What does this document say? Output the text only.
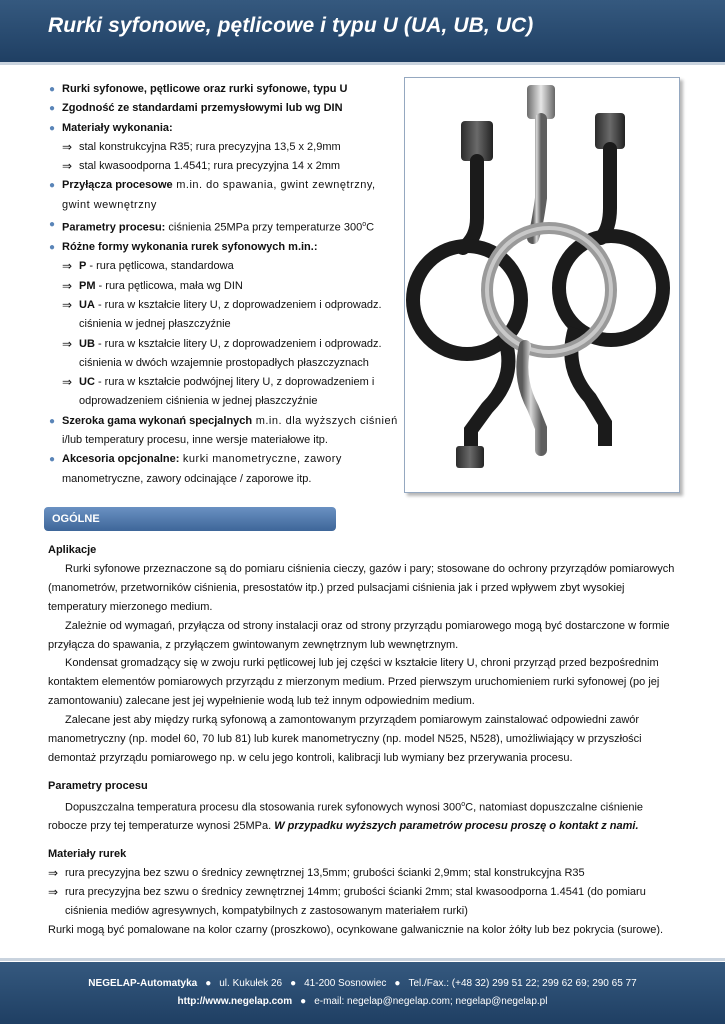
Rurki syfonowe, pętlicowe i typu U (UA, UB, UC)
● Rurki syfonowe, pętlicowe oraz rurki syfonowe, typu U
● Zgodność ze standardami przemysłowymi lub wg DIN
● Materiały wykonania:
⇒ stal konstrukcyjna R35; rura precyzyjna 13,5 x 2,9mm
⇒ stal kwasoodporna 1.4541; rura precyzyjna 14 x 2mm
● Przyłącza procesowe m.in. do spawania, gwint zewnętrzny,
gwint wewnętrzny
● Parametry procesu: ciśnienia 25MPa przy temperaturze 300$^o$C
● Różne formy wykonania rurek syfonowych m.in.:
⇒ P - rura pętlicowa, standardowa
⇒ PM - rura pętlicowa, mała wg DIN
⇒ UA - rura w kształcie litery U, z doprowadzeniem i odprowadz.
ciśnienia w jednej płaszczyźnie
⇒ UB - rura w kształcie litery U, z doprowadzeniem i odprowadz.
ciśnienia w dwóch wzajemnie prostopadłych płaszczyznach
⇒ UC - rura w kształcie podwójnej litery U, z doprowadzeniem i
odprowadzeniem ciśnienia w jednej płaszczyźnie
● Szeroka gama wykonań specjalnych m.in. dla wyższych ciśnień
i/lub temperatury procesu, inne wersje materiałowe itp.
● Akcesoria opcjonalne: kurki manometryczne, zawory
manometryczne, zawory odcinające / zaporowe itp.
OGÓLNE
Aplikacje
Rurki syfonowe przeznaczone są do pomiaru ciśnienia cieczy, gazów i pary; stosowane do ochrony przyrządów pomiarowych (manometrów, przetworników ciśnienia, presostatów itp.) przed pulsacjami ciśnienia jak i przed wpływem zbyt wysokiej temperatury mierzonego medium.
Zależnie od wymagań, przyłącza od strony instalacji oraz od strony przyrządu pomiarowego mogą być dostarczone w formie przyłącza do spawania, z przyłączem gwintowanym zewnętrznym lub wewnętrznym.
Kondensat gromadzący się w zwoju rurki pętlicowej lub jej części w kształcie litery U, chroni przyrząd przed bezpośrednim kontaktem elementów pomiarowych przyrządu z mierzonym medium. Przed pierwszym uruchomieniem rurki syfonowej (po jej zamontowaniu) zalecane jest jej wypełnienie wodą lub też innym odpowiednim medium.
Zalecane jest aby między rurką syfonową a zamontowanym przyrządem pomiarowym zainstalować odpowiedni zawór manometryczny (np. model 60, 70 lub 81) lub kurek manometryczny (np. model N525, N528), umożliwiający w przyszłości demontaż przyrządu pomiarowego np. w celu jego kontroli, kalibracji lub wymiany bez przerywania procesu.
Parametry procesu
Dopuszczalna temperatura procesu dla stosowania rurek syfonowych wynosi 300$^o$C, natomiast dopuszczalne ciśnienie robocze przy tej temperaturze wynosi 25MPa. W przypadku wyższych parametrów procesu proszę o kontakt z nami.
Materiały rurek
⇒ rura precyzyjna bez szwu o średnicy zewnętrznej 13,5mm; grubości ścianki 2,9mm; stal konstrukcyjna R35
⇒ rura precyzyjna bez szwu o średnicy zewnętrznej 14mm; grubości ścianki 2mm; stal kwasoodporna 1.4541 (do pomiaru ciśnienia mediów agresywnych, kompatybilnych z zastosowanym materiałem rurki)
Rurki mogą być pomalowane na kolor czarny (proszkowo), ocynkowane galwanicznie na kolor żółty lub bez pokrycia (surowe).
NEGELAP-Automatyka ● ul. Kukułek 26 ● 41-200 Sosnowiec ● Tel./Fax.: (+48 32) 299 51 22; 299 62 69; 290 65 77
http://www.negelap.com ● e-mail: negelap@negelap.com; negelap@negelap.pl
